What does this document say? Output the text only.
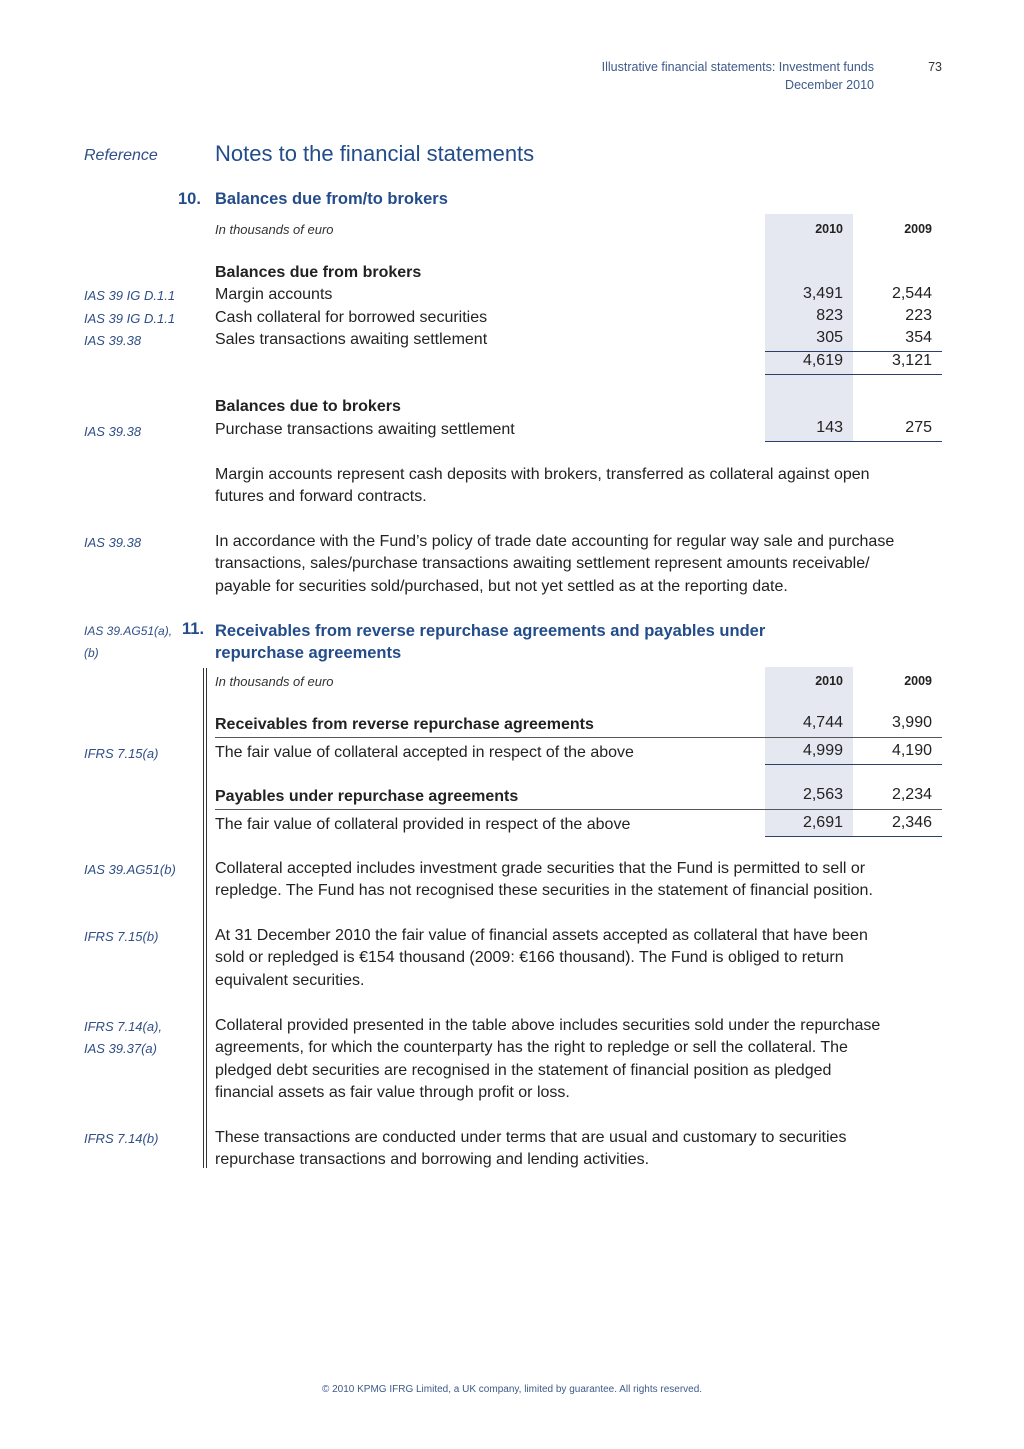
Illustrative financial statements: Investment funds
December 2010
73
Reference	Notes to the financial statements
10. Balances due from/to brokers
In thousands of euro	2010	2009
Balances due from brokers
IAS 39 IG D.1.1 Margin accounts	3,491	2,544
IAS 39 IG D.1.1 Cash collateral for borrowed securities	823	223
IAS 39.38	Sales transactions awaiting settlement	305	354
4,619	3,121
Balances due to brokers
IAS 39.38	Purchase transactions awaiting settlement	143	275
Margin accounts represent cash deposits with brokers, transferred as collateral against open
futures and forward contracts.
IAS 39.38	In accordance with the Fund’s policy of trade date accounting for regular way sale and purchase
transactions, sales/purchase transactions awaiting settlement represent amounts receivable/
payable for securities sold/purchased, but not yet settled as at the reporting date.
IAS 39.AG51(a),
(b)
11. Receivables from reverse repurchase agreements and payables under
repurchase agreements
In thousands of euro	2010	2009
Receivables from reverse repurchase agreements	4,744	3,990
IFRS 7.15(a)	The fair value of collateral accepted in respect of the above	4,999	4,190
Payables under repurchase agreements	2,563	2,234
The fair value of collateral provided in respect of the above	2,691	2,346
IAS 39.AG51(b) Collateral accepted includes investment grade securities that the Fund is permitted to sell or
repledge. The Fund has not recognised these securities in the statement of financial position.
IFRS 7.15(b)	At 31 December 2010 the fair value of financial assets accepted as collateral that have been
sold or repledged is €154 thousand (2009: €166 thousand). The Fund is obliged to return
equivalent securities.
IFRS 7.14(a),
IAS 39.37(a)
Collateral provided presented in the table above includes securities sold under the repurchase
agreements, for which the counterparty has the right to repledge or sell the collateral. The
pledged debt securities are recognised in the statement of financial position as pledged
financial assets as fair value through profit or loss.
IFRS 7.14(b)	These transactions are conducted under terms that are usual and customary to securities
repurchase transactions and borrowing and lending activities.
© 2010 KPMG IFRG Limited, a UK company, limited by guarantee. All rights reserved.
